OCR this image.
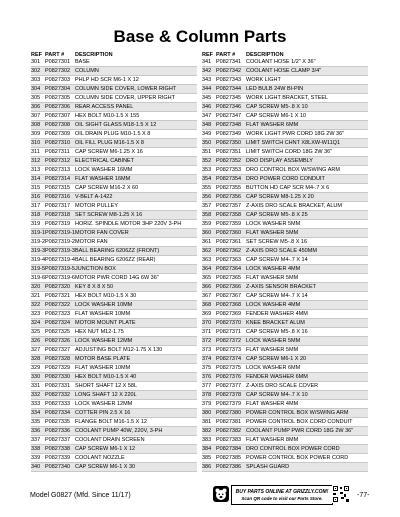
Base & Column Parts
REF PART #	DESCRIPTION
301 P0827301 BASE
302 P0827302 COLUMN
303 P0827303 PHLP HD SCR M6-1 X 12
304 P0827304 COLUMN SIDE COVER, LOWER RIGHT
305 P0827305 COLUMN SIDE COVER, UPPER RIGHT
306 P0827306 REAR ACCESS PANEL
307 P0827307 HEX BOLT M10-1.5 X 155
308 P0827308 OIL SIGHT GLASS M18-1.5 X 12
309 P0827309 OIL DRAIN PLUG M10-1.5 X 8
310 P0827310 OIL FILL PLUG M16-1.5 X 8
311 P0827311 CAP SCREW M6-1.25 X 16
312 P0827312 ELECTRICAL CABINET
313 P0827313 LOCK WASHER 16MM
314 P0827314 FLAT WASHER 16MM
315 P0827315 CAP SCREW M16-2 X 60
316 P0827316 V-BELT A-1422
317 P0827317 MOTOR PULLEY
318 P0827318 SET SCREW M8-1.25 X 16
319 P0827319 HORIZ. SPINDLE MOTOR 3HP 220V 3-PH
319-1 P0827319-1 MOTOR FAN COVER
319-2 P0827319-2 MOTOR FAN
319-3 P0827319-3 BALL BEARING 6206ZZ (FRONT)
319-4 P0827319-4 BALL BEARING 6206ZZ (REAR)
319-5 P0827319-5 JUNCTION BOX
319-6 P0827319-6 MOTOR PWR CORD 14G 6W 36"
320 P0827320 KEY 8 X 8 X 50
321 P0827321 HEX BOLT M10-1.5 X 30
322 P0827322 LOCK WASHER 10MM
323 P0827323 FLAT WASHER 10MM
324 P0827324 MOTOR MOUNT PLATE
325 P0827325 HEX NUT M12-1.75
326 P0827326 LOCK WASHER 12MM
327 P0827327 ADJUSTING BOLT M12-1.75 X 130
328 P0827328 MOTOR BASE PLATE
329 P0827329 FLAT WASHER 10MM
330 P0827330 HEX BOLT M10-1.5 X 40
331 P0827331 SHORT SHAFT 12 X 58L
332 P0827332 LONG SHAFT 12 X 220L
333 P0827333 LOCK WASHER 12MM
334 P0827334 COTTER PIN 2.5 X 16
335 P0827335 FLANGE BOLT M16-1.5 X 12
336 P0827336 COOLANT PUMP 40W, 220V, 3-PH
337 P0827337 COOLANT DRAIN SCREEN
338 P0827338 CAP SCREW M6-1 X 12
339 P0827339 COOLANT NOZZLE
340 P0827340 CAP SCREW M6-1 X 30
REF PART #	DESCRIPTION
341 P0827341 COOLANT HOSE 1/2" X 36"
342 P0827342 COOLANT HOSE CLAMP 3/4"
343 P0827343 WORK LIGHT
344 P0827344 LED BULB 24W BI-PIN
345 P0827345 WORK LIGHT BRACKET, STEEL
346 P0827346 CAP SCREW M5-.8 X 10
347 P0827347 CAP SCREW M6-1 X 10
348 P0827348 FLAT WASHER 6MM
349 P0827349 WORK LIGHT PWR CORD 18G 2W 36"
350 P0827350 LIMIT SWITCH CHNT X8LXW-W11Q1
351 P0827351 LIMIT SWITCH CORD 18G 2W 36"
352 P0827352 DRO DISPLAY ASSEMBLY
353 P0827353 DRO CONTROL BOX W/SWING ARM
354 P0827354 DRO POWER CORD CONDUIT
355 P0827355 BUTTON HD CAP SCR M4-.7 X 6
356 P0827356 CAP SCREW M8-1.25 X 20
357 P0827357 Z-AXIS DRO SCALE BRACKET, ALUM
358 P0827358 CAP SCREW M5-.8 X 25
359 P0827359 LOCK WASHER 5MM
360 P0827360 FLAT WASHER 5MM
361 P0827361 SET SCREW M5-.8 X 16
362 P0827362 Z-AXIS DRO SCALE 450MM
363 P0827363 CAP SCREW M4-.7 X 14
364 P0827364 LOCK WASHER 4MM
365 P0827365 FLAT WASHER 5MM
366 P0827366 Z-AXIS SENSOR BRACKET
367 P0827367 CAP SCREW M4-.7 X 14
368 P0827368 LOCK WASHER 4MM
369 P0827369 FENDER WASHER 4MM
370 P0827370 KNEE BRACKET ALUM
371 P0827371 CAP SCREW M5-.8 X 16
372 P0827372 LOCK WASHER 5MM
373 P0827373 FLAT WASHER 5MM
374 P0827374 CAP SCREW M6-1 X 20
375 P0827375 LOCK WASHER 6MM
376 P0827376 FENDER WASHER 6MM
377 P0827377 Z-AXIS DRO SCALE COVER
378 P0827378 CAP SCREW M4-.7 X 10
379 P0827379 FLAT WASHER 4MM
380 P0827380 POWER CONTROL BOX W/SWING ARM
381 P0827381 POWER CONTROL BOX CORD CONDUIT
382 P0827382 COOLANT PUMP PWR CORD 18G 2W 36"
383 P0827383 FLAT WASHER 8MM
384 P0827384 DRO CONTROL BOX POWER CORD
385 P0827385 POWER CONTROL BOX POWER CORD
386 P0827386 SPLASH GUARD
Model G0827 (Mfd. Since 11/17)	BUY PARTS ONLINE AT GRIZZLY.COM!
Scan QR code to visit our Parts Store.	-77-
